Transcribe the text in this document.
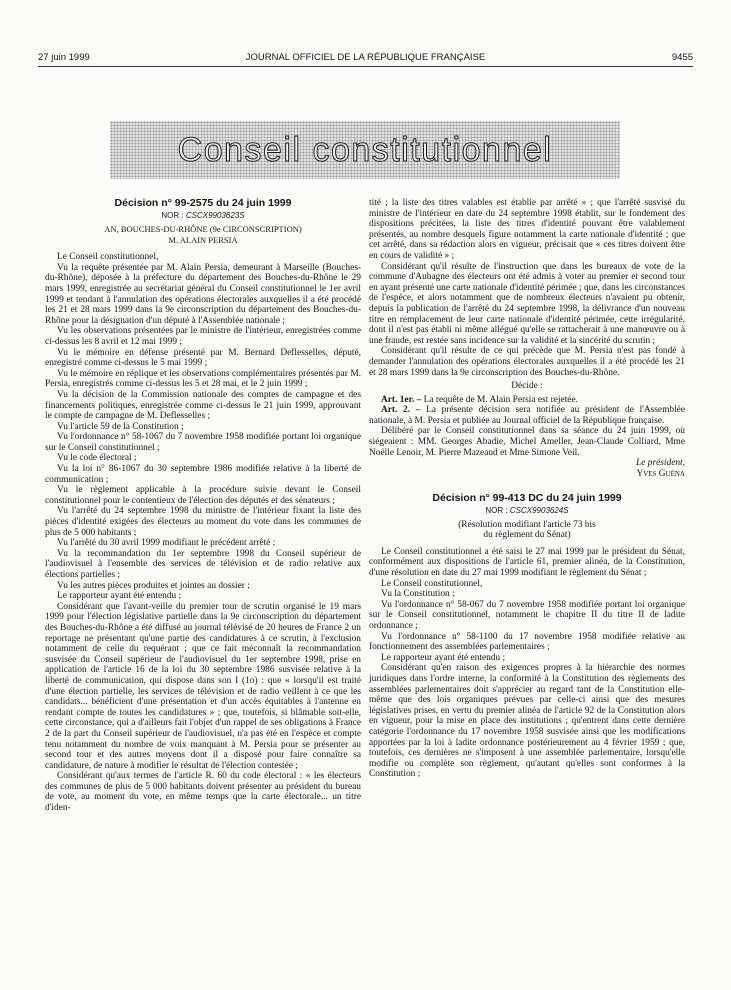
27 juin 1999	JOURNAL OFFICIEL DE LA RÉPUBLIQUE FRANÇAISE	9455
Conseil constitutionnel
Décision n° 99-2575 du 24 juin 1999
NOR : CSCX9903623S
AN, BOUCHES-DU-RHÔNE (9e CIRCONSCRIPTION)
M. ALAIN PERSIA

Le Conseil constitutionnel,

Vu la requête présentée par M. Alain Persia, demeurant à Marseille (Bouches-du-Rhône), déposée à la préfecture du département des Bouches-du-Rhône le 29 mars 1999, enregistrée au secrétariat général du Conseil constitutionnel le 1er avril 1999 et tendant à l'annulation des opérations électorales auxquelles il a été procédé les 21 et 28 mars 1999 dans la 9e circonscription du département des Bouches-du-Rhône pour la désignation d'un député à l'Assemblée nationale ;

Vu les observations présentées par le ministre de l'intérieur, enregistrées comme ci-dessus les 8 avril et 12 mai 1999 ;

Vu le mémoire en défense présenté par M. Bernard Deflesselles, député, enregistré comme ci-dessus le 5 mai 1999 ;

Vu le mémoire en réplique et les observations complémentaires présentés par M. Persia, enregistrés comme ci-dessus les 5 et 28 mai, et le 2 juin 1999 ;

Vu la décision de la Commission nationale des comptes de campagne et des financements politiques, enregistrée comme ci-dessus le 21 juin 1999, approuvant le compte de campagne de M. Deflesselles ;

Vu l'article 59 de la Constitution ;

Vu l'ordonnance n° 58-1067 du 7 novembre 1958 modifiée portant loi organique sur le Conseil constitutionnel ;

Vu le code électoral ;

Vu la loi n° 86-1067 du 30 septembre 1986 modifiée relative à la liberté de communication ;

Vu le règlement applicable à la procédure suivie devant le Conseil constitutionnel pour le contentieux de l'élection des députés et des sénateurs ;

Vu l'arrêté du 24 septembre 1998 du ministre de l'intérieur fixant la liste des pièces d'identité exigées des électeurs au moment du vote dans les communes de plus de 5 000 habitants ;

Vu l'arrêté du 30 avril 1999 modifiant le précédent arrêté ;

Vu la recommandation du 1er septembre 1998 du Conseil supérieur de l'audiovisuel à l'ensemble des services de télévision et de radio relative aux élections partielles ;

Vu les autres pièces produites et jointes au dossier ;

Le rapporteur ayant été entendu ;

Considérant que l'avant-veille du premier tour de scrutin organisé le 19 mars 1999 pour l'élection législative partielle dans la 9e circonscription du département des Bouches-du-Rhône a été diffusé au journal télévisé de 20 heures de France 2 un reportage ne présentant qu'une partie des candidatures à ce scrutin, à l'exclusion notamment de celle du requérant ; que ce fait méconnaît la recommandation susvisée du Conseil supérieur de l'audiovisuel du 1er septembre 1998, prise en application de l'article 16 de la loi du 30 septembre 1986 susvisée relative à la liberté de communication, qui dispose dans son I (1o) : que « lorsqu'il est traité d'une élection partielle, les services de télévision et de radio veillent à ce que les candidats... bénéficient d'une présentation et d'un accès équitables à l'antenne en rendant compte de toutes les candidatures » ; que, toutefois, si blâmable soit-elle, cette circonstance, qui a d'ailleurs fait l'objet d'un rappel de ses obligations à France 2 de la part du Conseil supérieur de l'audiovisuel, n'a pas été en l'espèce et compte tenu notamment du nombre de voix manquant à M. Persia pour se présenter au second tour et des autres moyens dont il a disposé pour faire connaître sa candidature, de nature à modifier le résultat de l'élection contestée ;

Considérant qu'aux termes de l'article R. 60 du code électoral : « les électeurs des communes de plus de 5 000 habitants doivent présenter au président du bureau de vote, au moment du vote, en même temps que la carte électorale... un titre d'iden-

tité ; la liste des titres valables est établie par arrêté » ; que l'arrêté susvisé du ministre de l'intérieur en date du 24 septembre 1998 établit, sur le fondement des dispositions précitées, la liste des titres d'identité pouvant être valablement présentés, au nombre desquels figure notamment la carte nationale d'identité ; que cet arrêté, dans sa rédaction alors en vigueur, précisait que « ces titres doivent être en cours de validité » ;

Considérant qu'il résulte de l'instruction que dans les bureaux de vote de la commune d'Aubagne des électeurs ont été admis à voter au premier et second tour en ayant présenté une carte nationale d'identité périmée ; que, dans les circonstances de l'espèce, et alors notamment que de nombreux électeurs n'avaient pu obtenir, depuis la publication de l'arrêté du 24 septembre 1998, la délivrance d'un nouveau titre en remplacement de leur carte nationale d'identité périmée, cette irrégularité, dont il n'est pas établi ni même allégué qu'elle se rattacherait à une manœuvre ou à une fraude, est restée sans incidence sur la validité et la sincérité du scrutin ;

Considérant qu'il résulte de ce qui précède que M. Persia n'est pas fondé à demander l'annulation des opérations électorales auxquelles il a été procédé les 21 et 28 mars 1999 dans la 9e circonscription des Bouches-du-Rhône.

Décide :

Art. 1er. – La requête de M. Alain Persia est rejetée.

Art. 2. – La présente décision sera notifiée au président de l'Assemblée nationale, à M. Persia et publiée au Journal officiel de la République française.

Délibéré par le Conseil constitutionnel dans sa séance du 24 juin 1999, où siégeaient : MM. Georges Abadie, Michel Ameller, Jean-Claude Colliard, Mme Noëlle Lenoir, M. Pierre Mazeaud et Mme Simone Veil.

Le président,
Yves Guéna
Décision n° 99-413 DC du 24 juin 1999
NOR : CSCX9903624S
(Résolution modifiant l'article 73 bis
du règlement du Sénat)

Le Conseil constitutionnel a été saisi le 27 mai 1999 par le président du Sénat, conformément aux dispositions de l'article 61, premier alinéa, de la Constitution, d'une résolution en date du 27 mai 1999 modifiant le règlement du Sénat ;

Le Conseil constitutionnel,

Vu la Constitution ;

Vu l'ordonnance n° 58-067 du 7 novembre 1958 modifiée portant loi organique sur le Conseil constitutionnel, notamment le chapitre II du titre II de ladite ordonnance ;

Vu l'ordonnance n° 58-1100 du 17 novembre 1958 modifiée relative au fonctionnement des assemblées parlementaires ;

Le rapporteur ayant été entendu ;

Considérant qu'en raison des exigences propres à la hiérarchie des normes juridiques dans l'ordre interne, la conformité à la Constitution des règlements des assemblées parlementaires doit s'apprécier au regard tant de la Constitution elle-même que des lois organiques prévues par celle-ci ainsi que des mesures législatives prises, en vertu du premier alinéa de l'article 92 de la Constitution alors en vigueur, pour la mise en place des institutions ; qu'entrent dans cette dernière catégorie l'ordonnance du 17 novembre 1958 susvisée ainsi que les modifications apportées par la loi à ladite ordonnance postérieurement au 4 février 1959 ; que, toutefois, ces dernières ne s'imposent à une assemblée parlementaire, lorsqu'elle modifie ou complète son règlement, qu'autant qu'elles sont conformes à la Constitution ;
